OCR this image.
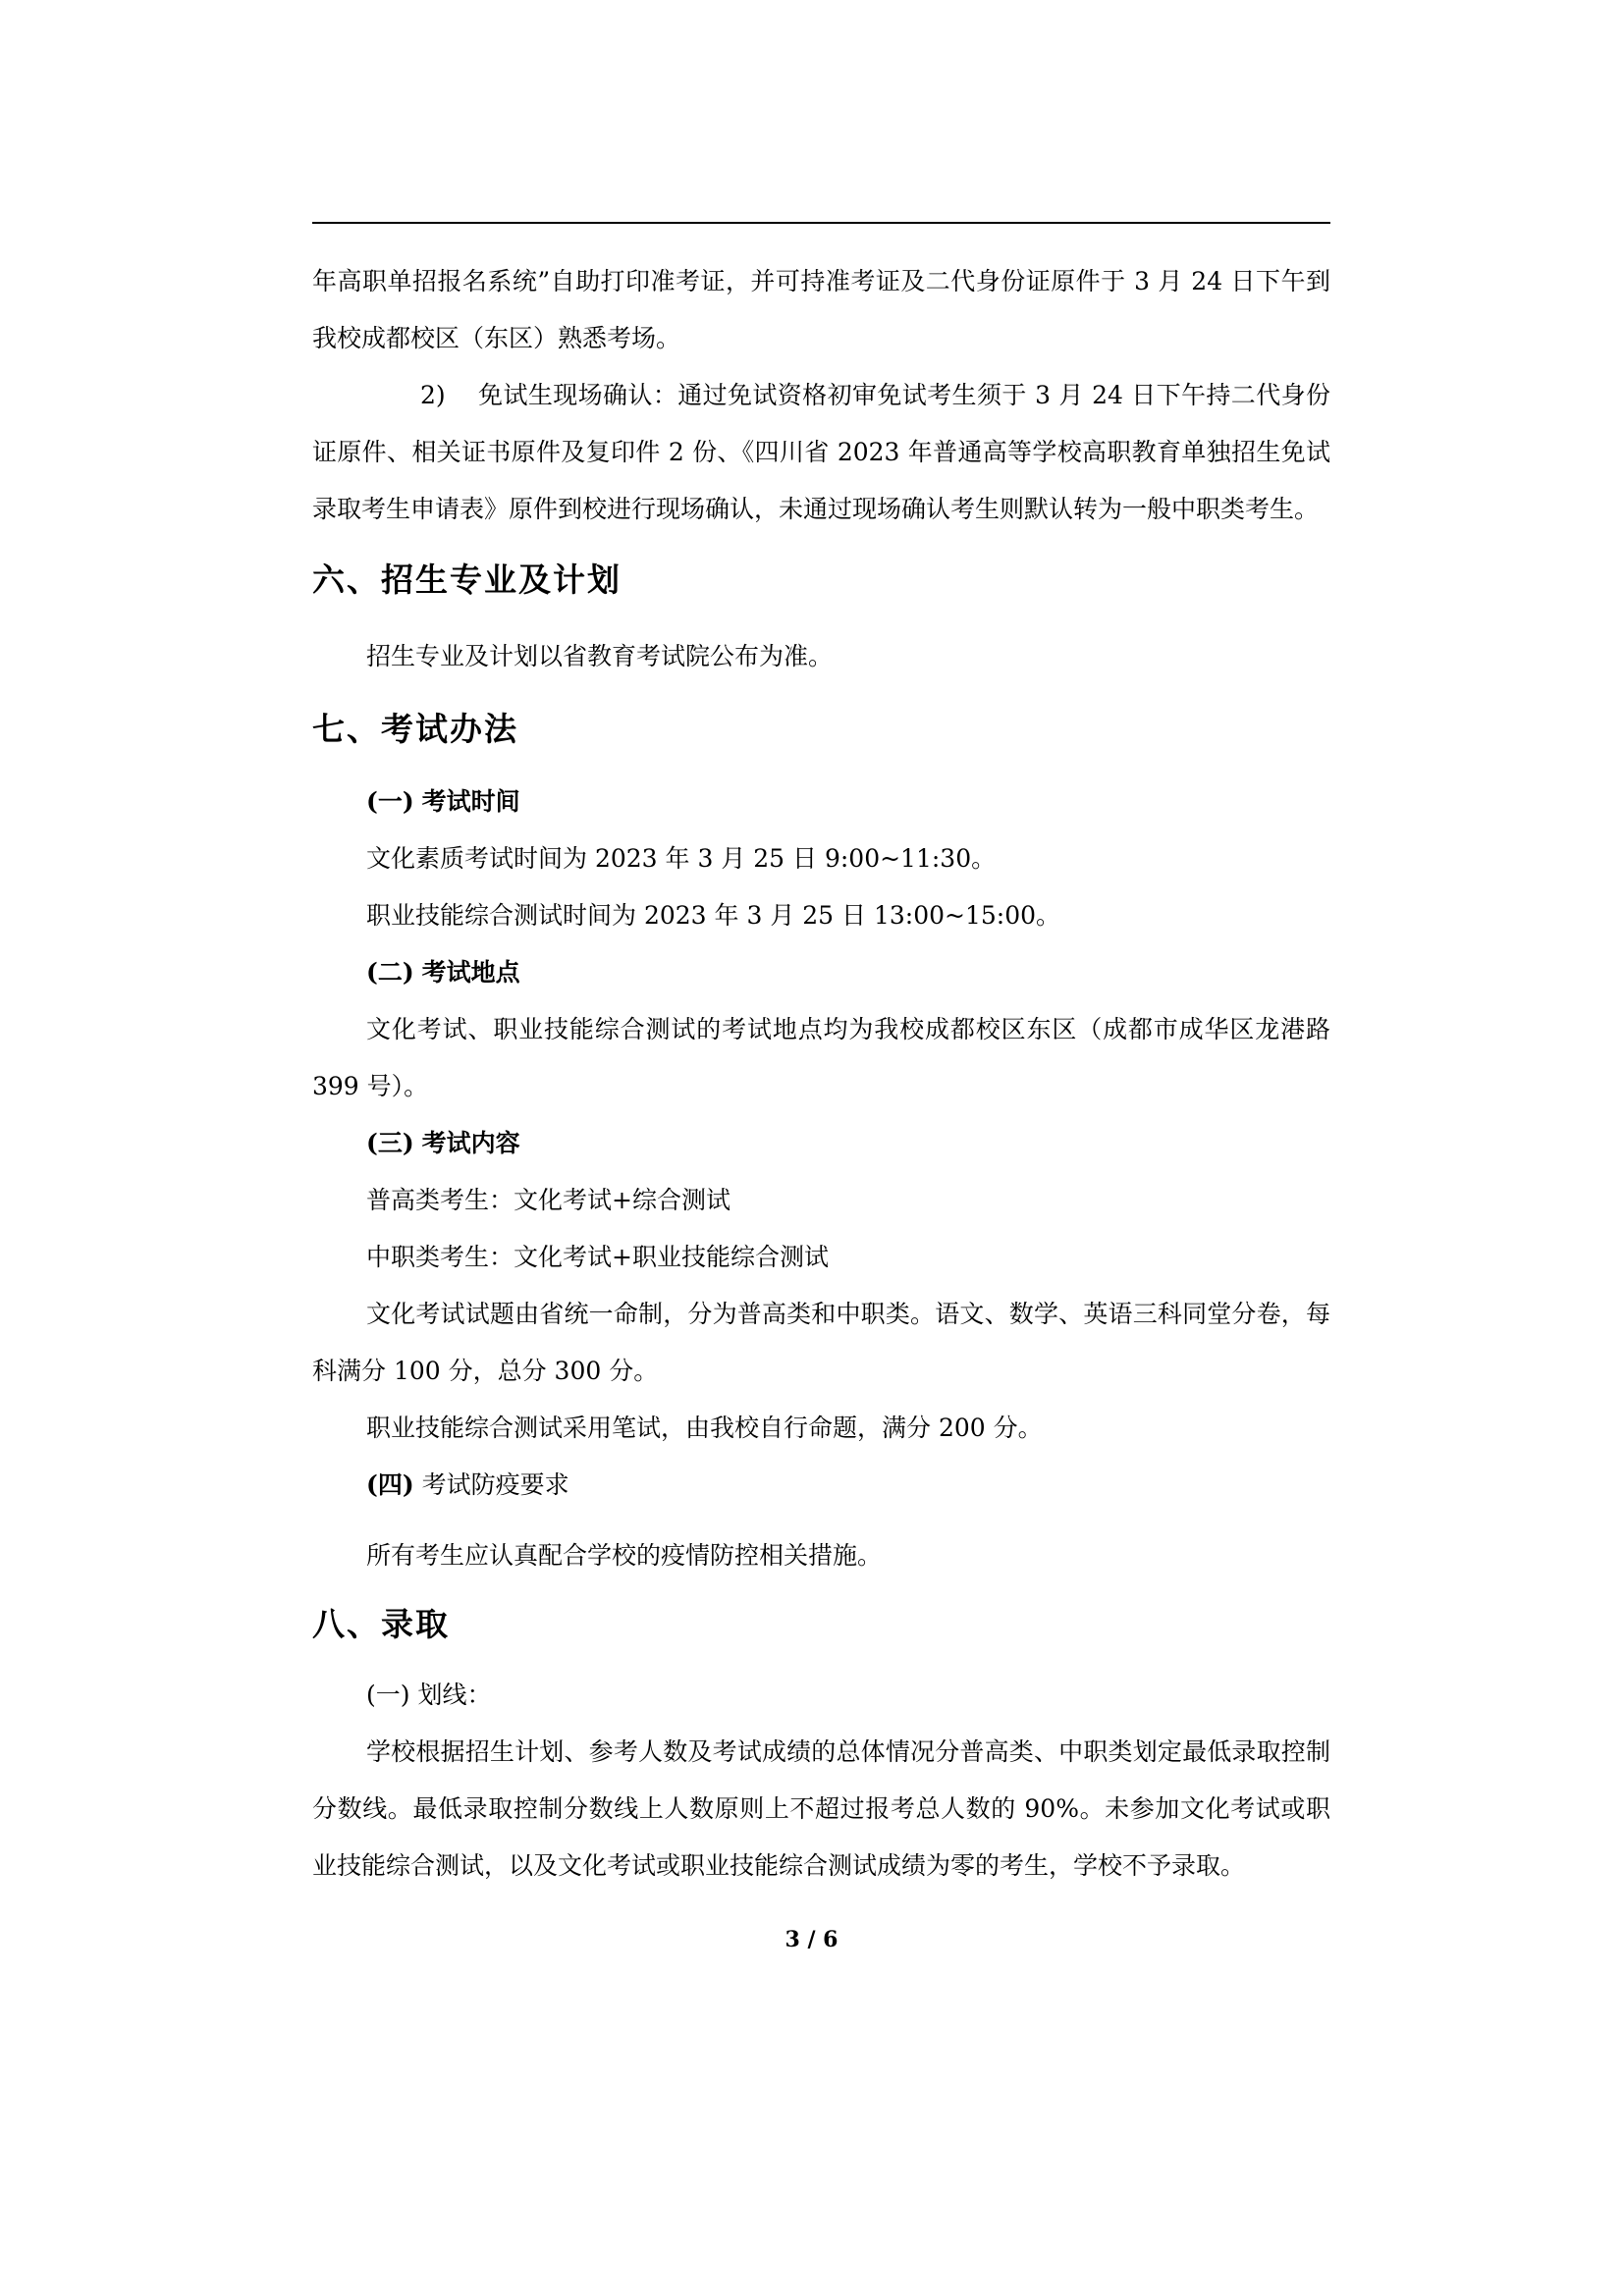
年高职单招报名系统”自助打印准考证，并可持准考证及二代身份证原件于 3 月 24 日下午到我校成都校区（东区）熟悉考场。

2) 免试生现场确认：通过免试资格初审免试考生须于 3 月 24 日下午持二代身份证原件、相关证书原件及复印件 2 份、《四川省 2023 年普通高等学校高职教育单独招生免试录取考生申请表》原件到校进行现场确认，未通过现场确认考生则默认转为一般中职类考生。

六、招生专业及计划

招生专业及计划以省教育考试院公布为准。

七、考试办法

(一) 考试时间

文化素质考试时间为 2023 年 3 月 25 日 9:00~11:30。

职业技能综合测试时间为 2023 年 3 月 25 日 13:00~15:00。

(二) 考试地点

文化考试、职业技能综合测试的考试地点均为我校成都校区东区（成都市成华区龙港路 399 号）。

(三) 考试内容

普高类考生：文化考试+综合测试

中职类考生：文化考试+职业技能综合测试

文化考试试题由省统一命制，分为普高类和中职类。语文、数学、英语三科同堂分卷，每科满分 100 分，总分 300 分。

职业技能综合测试采用笔试，由我校自行命题，满分 200 分。

(四) 考试防疫要求

所有考生应认真配合学校的疫情防控相关措施。

八、录取

(一) 划线：

学校根据招生计划、参考人数及考试成绩的总体情况分普高类、中职类划定最低录取控制分数线。最低录取控制分数线上人数原则上不超过报考总人数的 90%。未参加文化考试或职业技能综合测试，以及文化考试或职业技能综合测试成绩为零的考生，学校不予录取。

3 / 6
